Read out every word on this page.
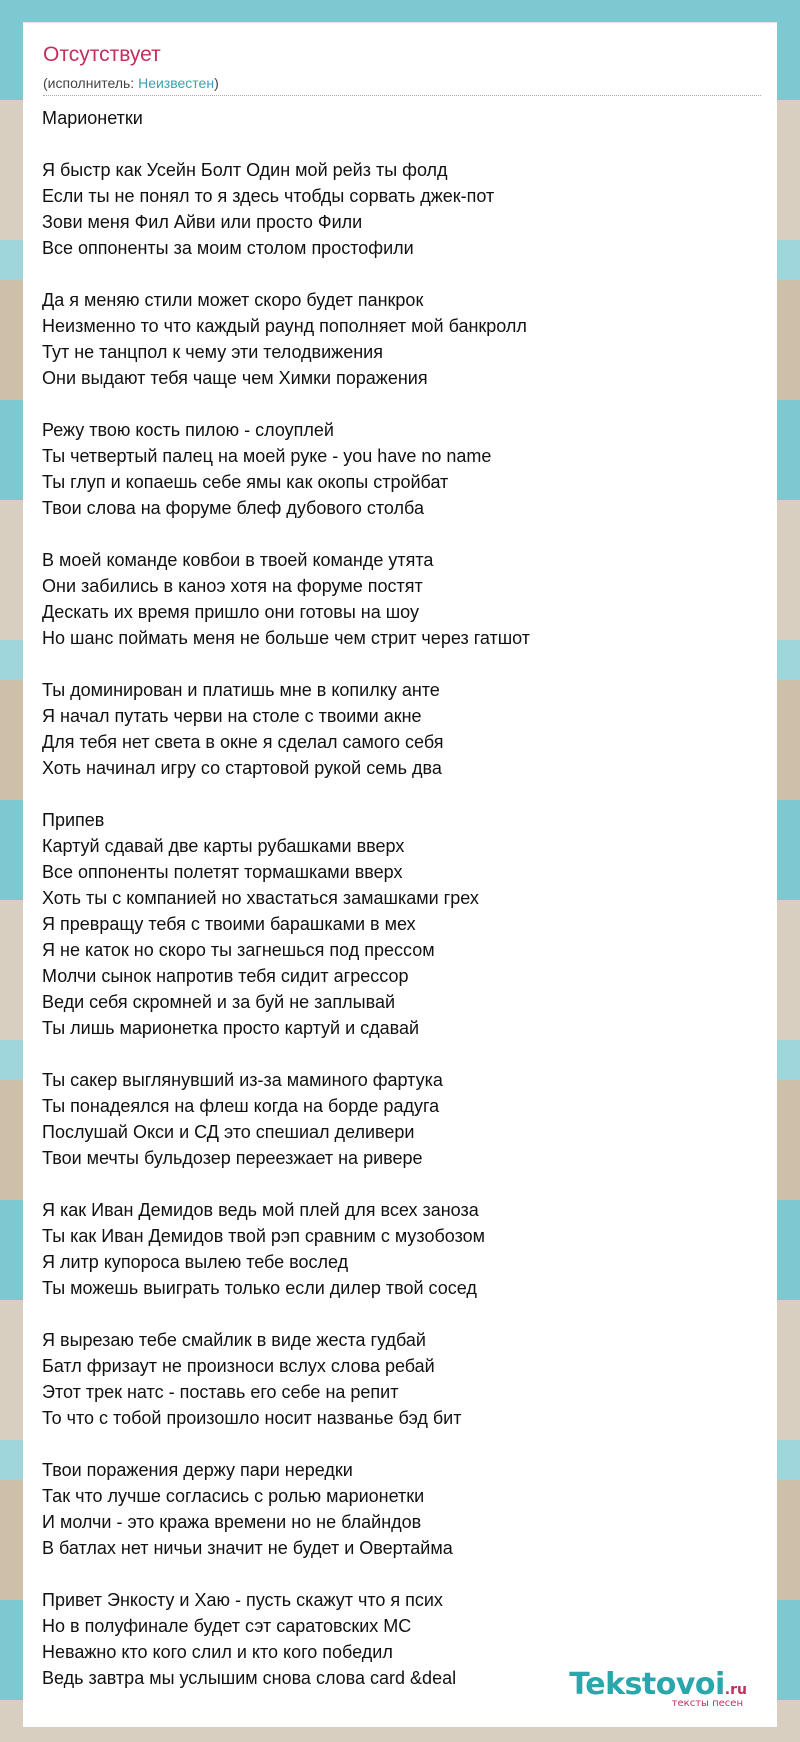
Отсутствует
(исполнитель: Неизвестен)
Марионетки
Я быстр как Усейн Болт Один мой рейз ты фолд
Если ты не понял то я здесь чтобды сорвать джек-пот
Зови меня Фил Айви или просто Фили
Все оппоненты за моим столом простофили
Да я меняю стили может скоро будет панкрок
Неизменно то что каждый раунд пополняет мой банкролл
Тут не танцпол к чему эти телодвижения
Они выдают тебя чаще чем Химки поражения
Режу твою кость пилою - слоуплей
Ты четвертый палец на моей руке - you have no name
Ты глуп и копаешь себе ямы как окопы стройбат
Твои слова на форуме блеф дубового столба
В моей команде ковбои в твоей команде утята
Они забились в каноэ хотя на форуме постят
Дескать их время пришло они готовы на шоу
Но шанс поймать меня не больше чем стрит через гатшот
Ты доминирован и платишь мне в копилку анте
Я начал путать черви на столе с твоими акне
Для тебя нет света в окне я сделал самого себя
Хоть начинал игру со стартовой рукой семь два
Припев
Картуй сдавай две карты рубашками вверх
Все оппоненты полетят тормашками вверх
Хоть ты с компанией но хвастаться замашками грех
Я превращу тебя с твоими барашками в мех
Я не каток но скоро ты загнешься под прессом
Молчи сынок напротив тебя сидит агрессор
Веди себя скромней и за буй не заплывай
Ты лишь марионетка просто картуй и сдавай
Ты сакер выглянувший из-за маминого фартука
Ты понадеялся на флеш когда на борде радуга
Послушай Окси и СД это спешиал деливери
Твои мечты бульдозер переезжает на ривере
Я как Иван Демидов ведь мой плей для всех заноза
Ты как Иван Демидов твой рэп сравним с музобозом
Я литр купороса вылею тебе вослед
Ты можешь выиграть только если дилер твой сосед
Я вырезаю тебе смайлик в виде жеста гудбай
Батл фризаут не произноси вслух слова ребай
Этот трек натс - поставь его себе на репит
То что с тобой произошло носит названье бэд бит
Твои поражения держу пари нередки
Так что лучше согласись с ролью марионетки
И молчи - это кража времени но не блайндов
В батлах нет ничьи значит не будет и Овертайма
Привет Энкосту и Хаю - пусть скажут что я псих
Но в полуфинале будет сэт саратовских MC
Неважно кто кого слил и кто кого победил
Ведь завтра мы услышим снова слова card &deal	Tekstovoi.ru
тексты песен
